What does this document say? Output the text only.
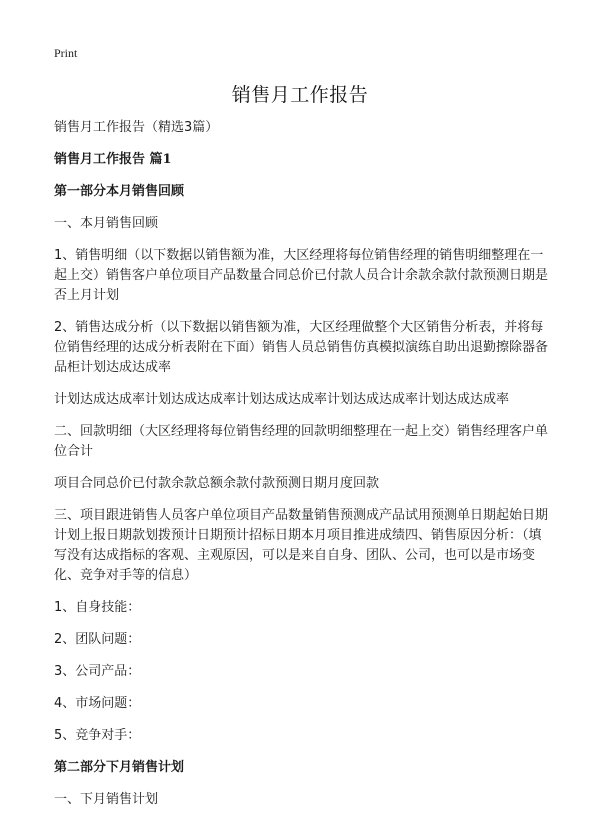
Print
销售月工作报告
销售月工作报告（精选3篇）
销售月工作报告 篇1
第一部分本月销售回顾
一、本月销售回顾
1、销售明细（以下数据以销售额为准，大区经理将每位销售经理的销售明细整理在一起上交）销售客户单位项目产品数量合同总价已付款人员合计余款余款付款预测日期是否上月计划
2、销售达成分析（以下数据以销售额为准，大区经理做整个大区销售分析表，并将每位销售经理的达成分析表附在下面）销售人员总销售仿真模拟演练自助出退勤擦除器备品柜计划达成达成率
计划达成达成率计划达成达成率计划达成达成率计划达成达成率计划达成达成率
二、回款明细（大区经理将每位销售经理的回款明细整理在一起上交）销售经理客户单位合计
项目合同总价已付款余款总额余款付款预测日期月度回款
三、项目跟进销售人员客户单位项目产品数量销售预测成产品试用预测单日期起始日期计划上报日期款划拨预计日期预计招标日期本月项目推进成绩四、销售原因分析：（填写没有达成指标的客观、主观原因，可以是来自自身、团队、公司，也可以是市场变化、竞争对手等的信息）
1、自身技能：
2、团队问题：
3、公司产品：
4、市场问题：
5、竞争对手：
第二部分下月销售计划
一、下月销售计划
